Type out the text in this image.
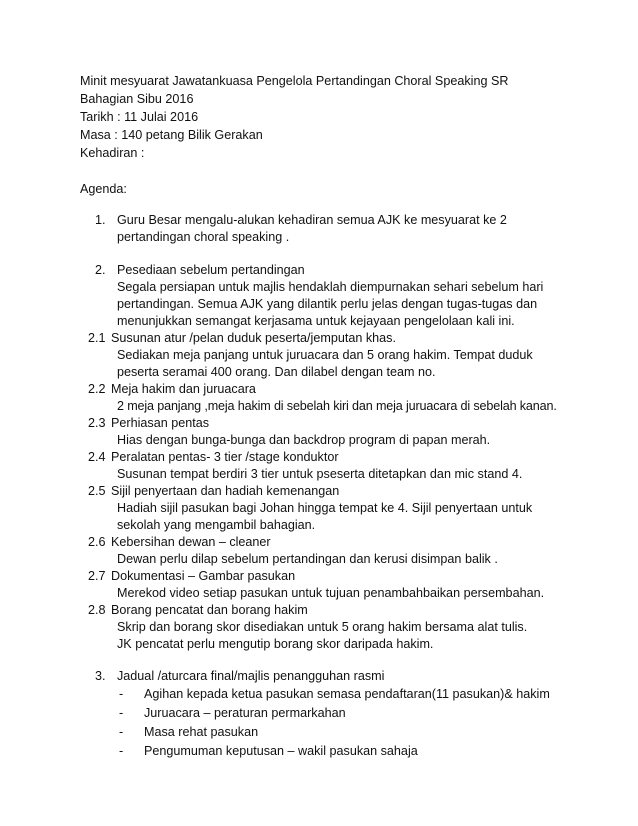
Minit mesyuarat Jawatankuasa Pengelola Pertandingan Choral Speaking SR
Bahagian Sibu 2016
Tarikh : 11 Julai 2016
Masa : 140 petang Bilik Gerakan
Kehadiran :
Agenda:
1. Guru Besar mengalu-alukan kehadiran semua AJK ke mesyuarat ke 2
pertandingan choral speaking .
2. Pesediaan sebelum pertandingan
Segala persiapan untuk majlis hendaklah diempurnakan sehari sebelum hari
pertandingan. Semua AJK yang dilantik perlu jelas dengan tugas-tugas dan
menunjukkan semangat kerjasama untuk kejayaan pengelolaan kali ini.
2.1 Susunan atur /pelan duduk peserta/jemputan khas.
Sediakan meja panjang untuk juruacara dan 5 orang hakim. Tempat duduk
peserta seramai 400 orang. Dan dilabel dengan team no.
2.2 Meja hakim dan juruacara
2 meja panjang ,meja hakim di sebelah kiri dan meja juruacara di sebelah kanan.
2.3 Perhiasan pentas
Hias dengan bunga-bunga dan backdrop program di papan merah.
2.4 Peralatan pentas- 3 tier /stage konduktor
Susunan tempat berdiri 3 tier untuk pseserta ditetapkan dan mic stand 4.
2.5 Sijil penyertaan dan hadiah kemenangan
Hadiah sijil pasukan bagi Johan hingga tempat ke 4. Sijil penyertaan untuk
sekolah yang mengambil bahagian.
2.6 Kebersihan dewan – cleaner
Dewan perlu dilap sebelum pertandingan dan kerusi disimpan balik .
2.7 Dokumentasi – Gambar pasukan
Merekod video setiap pasukan untuk tujuan penambahbaikan persembahan.
2.8 Borang pencatat dan borang hakim
Skrip dan borang skor disediakan untuk 5 orang hakim bersama alat tulis.
JK pencatat perlu mengutip borang skor daripada hakim.
3. Jadual /aturcara final/majlis penangguhan rasmi
- Agihan kepada ketua pasukan semasa pendaftaran(11 pasukan)& hakim
- Juruacara – peraturan permarkahan
- Masa rehat pasukan
- Pengumuman keputusan – wakil pasukan sahaja
